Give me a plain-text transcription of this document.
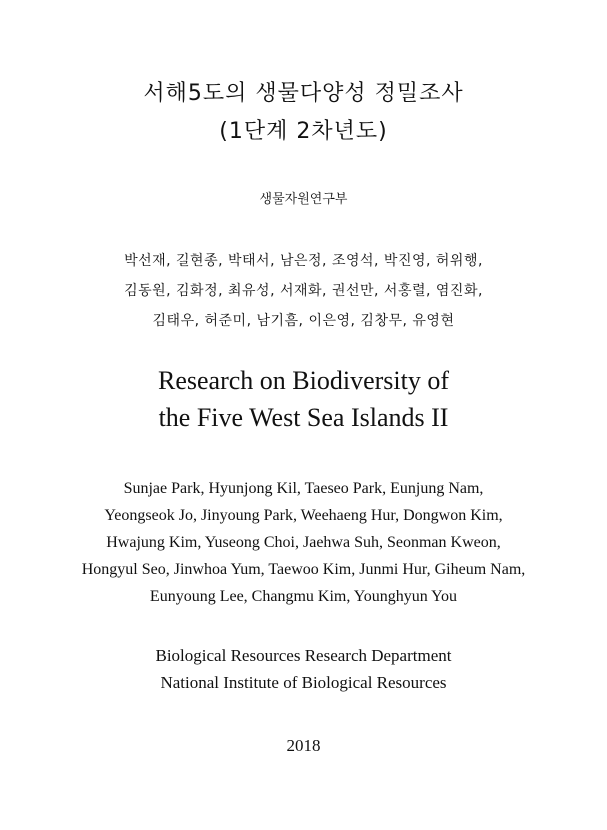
서해5도의 생물다양성 정밀조사
(1단계 2차년도)
생물자원연구부
박선재, 길현종, 박태서, 남은정, 조영석, 박진영, 허위행,
김동원, 김화정, 최유성, 서재화, 권선만, 서홍렬, 염진화,
김태우, 허준미, 남기흠, 이은영, 김창무, 유영현
Research on Biodiversity of
the Five West Sea Islands II
Sunjae Park, Hyunjong Kil, Taeseo Park, Eunjung Nam,
Yeongseok Jo, Jinyoung Park, Weehaeng Hur, Dongwon Kim,
Hwajung Kim, Yuseong Choi, Jaehwa Suh, Seonman Kweon,
Hongyul Seo, Jinwhoa Yum, Taewoo Kim, Junmi Hur, Giheum Nam,
Eunyoung Lee, Changmu Kim, Younghyun You
Biological Resources Research Department
National Institute of Biological Resources
2018
